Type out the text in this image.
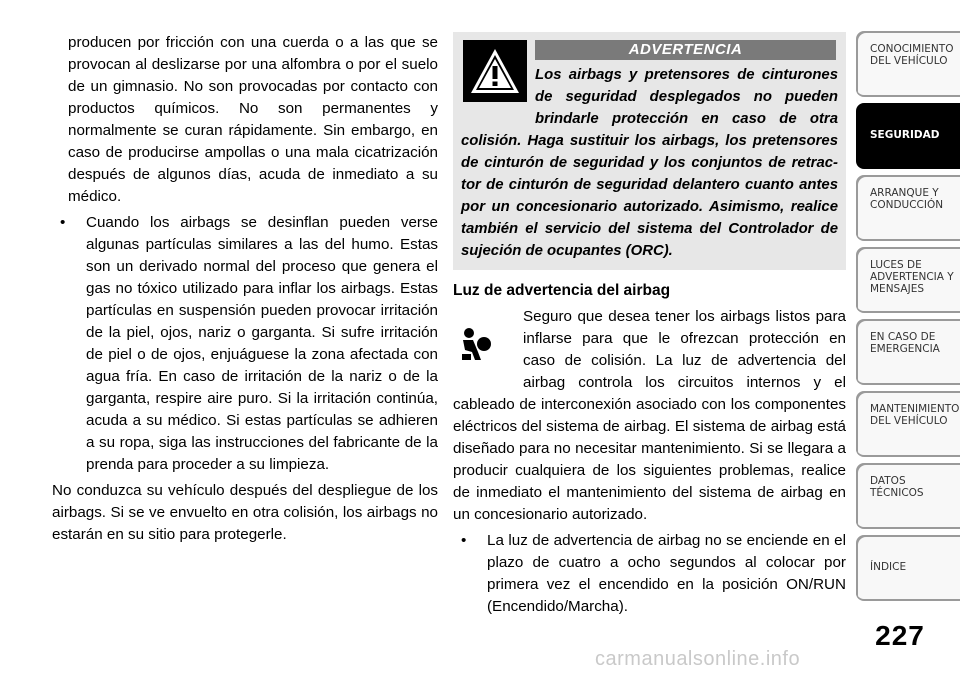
producen por fricción con una cuerda o a las que se provocan al deslizarse por una alfombra o por el suelo de un gimnasio. No son provocadas por contacto con productos químicos. No son permanentes y normalmente se curan rápidamente. Sin embargo, en caso de producirse ampollas o una mala cicatrización después de algunos días, acuda de inmediato a su médico.

• Cuando los airbags se desinflan pueden verse algunas partículas similares a las del humo. Estas son un derivado normal del proceso que genera el gas no tóxico utilizado para inflar los airbags. Estas partículas en suspensión pueden provocar irritación de la piel, ojos, nariz o garganta. Si sufre irritación de piel o de ojos, enjuáguese la zona afectada con agua fría. En caso de irritación de la nariz o de la garganta, respire aire puro. Si la irritación continúa, acuda a su médico. Si estas partículas se adhieren a su ropa, siga las instrucciones del fabricante de la prenda para proceder a su limpieza.

No conduzca su vehículo después del despliegue de los airbags. Si se ve envuelto en otra colisión, los airbags no estarán en su sitio para protegerle.

ADVERTENCIA

Los airbags y pretensores de cinturones de seguridad desplegados no pueden brindarle protección en caso de otra colisión. Haga sustituir los airbags, los pretensores de cinturón de seguridad y los conjuntos de retractor de cinturón de seguridad delantero cuanto antes por un concesionario autorizado. Asimismo, realice también el servicio del sistema del Controlador de sujeción de ocupantes (ORC).

Luz de advertencia del airbag

Seguro que desea tener los airbags listos para inflarse para que le ofrezcan protección en caso de colisión. La luz de advertencia del airbag controla los circuitos internos y el cableado de interconexión asociado con los componentes eléctricos del sistema de airbag. El sistema de airbag está diseñado para no necesitar mantenimiento. Si se llegara a producir cualquiera de los siguientes problemas, realice de inmediato el mantenimiento del sistema de airbag en un concesionario autorizado.

• La luz de advertencia de airbag no se enciende en el plazo de cuatro a ocho segundos al colocar por primera vez el encendido en la posición ON/RUN (Encendido/Marcha).
CONOCIMIENTO
DEL VEHÍCULO
SEGURIDAD
ARRANQUE Y
CONDUCCIÓN
LUCES DE
ADVERTENCIA Y
MENSAJES
EN CASO DE
EMERGENCIA
MANTENIMIENTO
DEL VEHÍCULO
DATOS
TÉCNICOS
ÍNDICE
227
carmanualsonline.info
